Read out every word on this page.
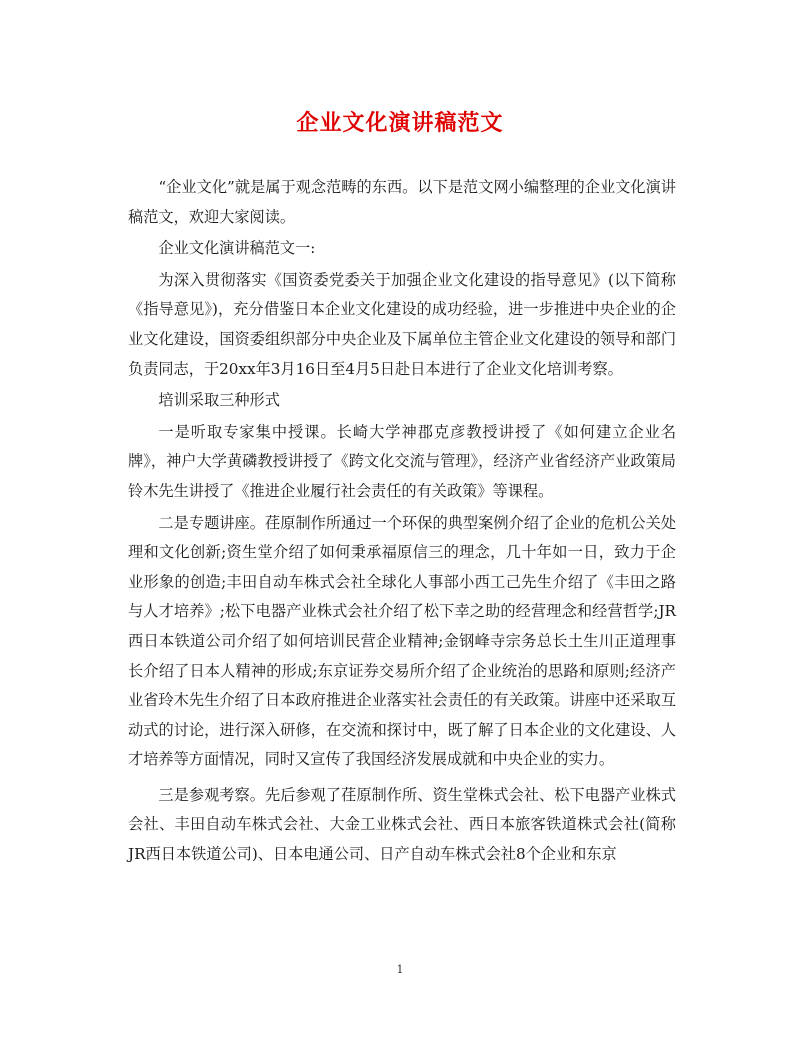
企业文化演讲稿范文

“企业文化”就是属于观念范畴的东西。以下是范文网小编整理的企业文化演讲稿范文，欢迎大家阅读。

企业文化演讲稿范文一:

为深入贯彻落实《国资委党委关于加强企业文化建设的指导意见》(以下简称《指导意见》)，充分借鉴日本企业文化建设的成功经验，进一步推进中央企业的企业文化建设，国资委组织部分中央企业及下属单位主管企业文化建设的领导和部门负责同志，于20xx年3月16日至4月5日赴日本进行了企业文化培训考察。

培训采取三种形式

一是听取专家集中授课。长崎大学神郡克彦教授讲授了《如何建立企业名牌》，神户大学黄磷教授讲授了《跨文化交流与管理》，经济产业省经济产业政策局铃木先生讲授了《推进企业履行社会责任的有关政策》等课程。

二是专题讲座。荏原制作所通过一个环保的典型案例介绍了企业的危机公关处理和文化创新;资生堂介绍了如何秉承福原信三的理念，几十年如一日，致力于企业形象的创造;丰田自动车株式会社全球化人事部小西工己先生介绍了《丰田之路与人才培养》;松下电器产业株式会社介绍了松下幸之助的经营理念和经营哲学;JR西日本铁道公司介绍了如何培训民营企业精神;金钢峰寺宗务总长土生川正道理事长介绍了日本人精神的形成;东京证券交易所介绍了企业统治的思路和原则;经济产业省玲木先生介绍了日本政府推进企业落实社会责任的有关政策。讲座中还采取互动式的讨论，进行深入研修，在交流和探讨中，既了解了日本企业的文化建设、人才培养等方面情况，同时又宣传了我国经济发展成就和中央企业的实力。

三是参观考察。先后参观了荏原制作所、资生堂株式会社、松下电器产业株式会社、丰田自动车株式会社、大金工业株式会社、西日本旅客铁道株式会社(简称JR西日本铁道公司)、日本电通公司、日产自动车株式会社8个企业和东京

1
